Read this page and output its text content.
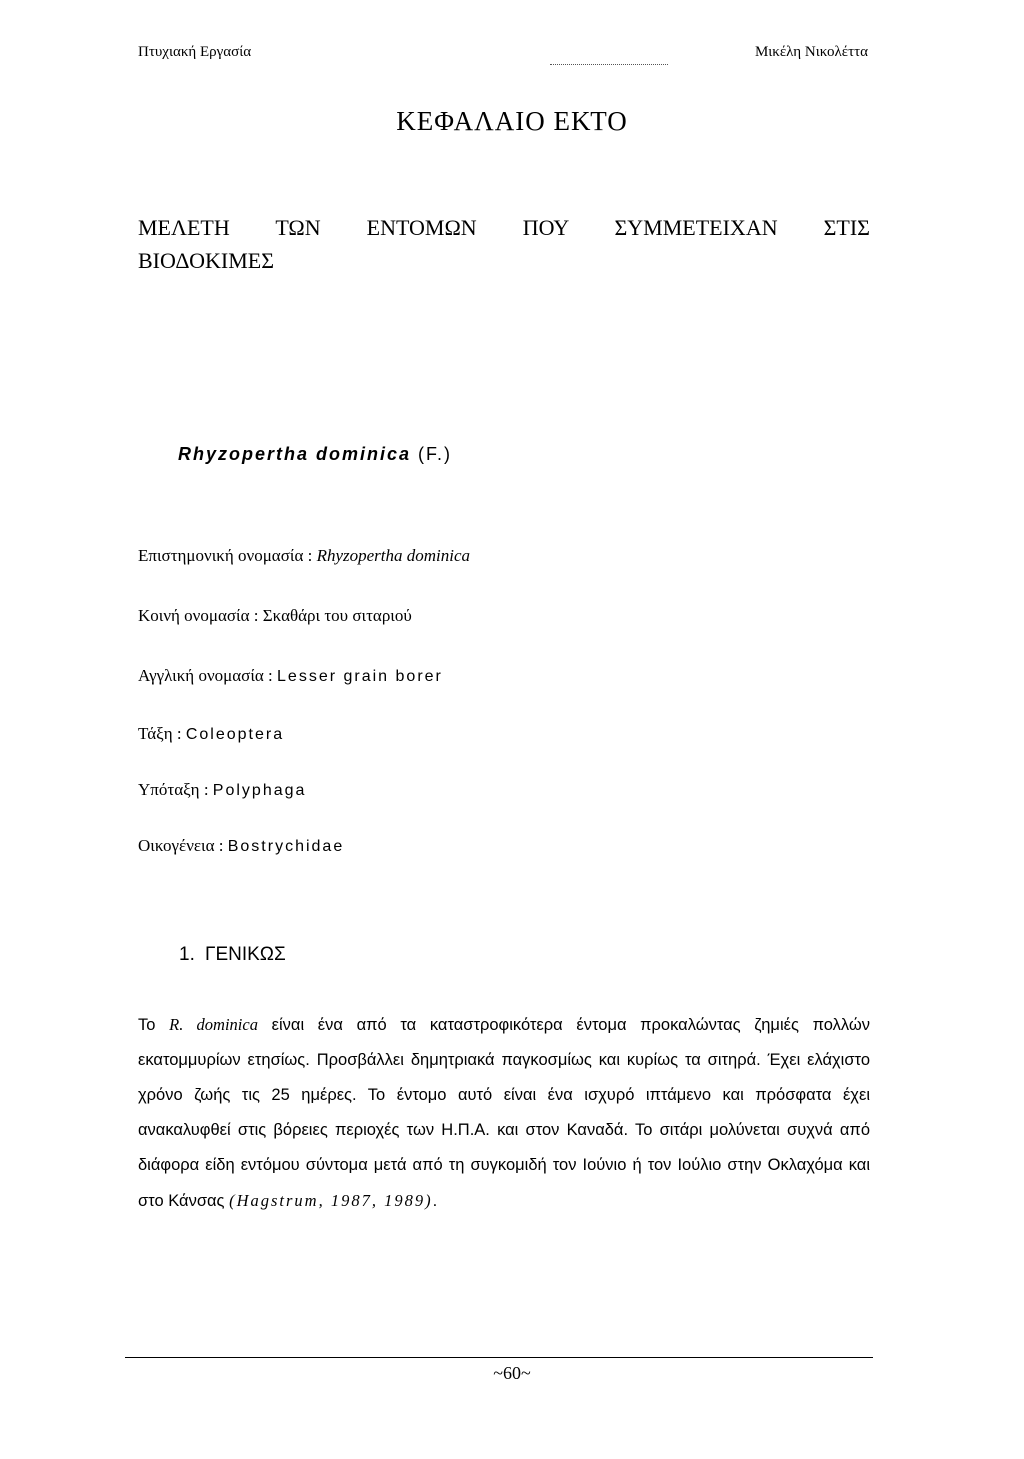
Πτυχιακή Εργασία	Μικέλη Νικολέττα
ΚΕΦΑΛΑΙΟ ΕΚΤΟ
ΜΕΛΕΤΗ ΤΩΝ ΕΝΤΟΜΩΝ ΠΟΥ ΣΥΜΜΕΤΕΙΧΑΝ ΣΤΙΣ
ΒΙΟΔΟΚΙΜΕΣ
Rhyzopertha dominica (F.)
Επιστημονική ονομασία : Rhyzopertha dominica
Κοινή ονομασία : Σκαθάρι του σιταριού
Αγγλική ονομασία : Lesser grain borer
Τάξη : Coleoptera
Υπόταξη : Polyphaga
Οικογένεια : Bostrychidae
1. ΓΕΝΙΚΩΣ
Το R. dominica είναι ένα από τα καταστροφικότερα έντομα προκαλώντας ζημιές πολλών εκατομμυρίων ετησίως. Προσβάλλει δημητριακά παγκοσμίως και κυρίως τα σιτηρά. Έχει ελάχιστο χρόνο ζωής τις 25 ημέρες. Το έντομο αυτό είναι ένα ισχυρό ιπτάμενο και πρόσφατα έχει ανακαλυφθεί στις βόρειες περιοχές των Η.Π.Α. και στον Καναδά. Το σιτάρι μολύνεται συχνά από διάφορα είδη εντόμου σύντομα μετά από τη συγκομιδή τον Ιούνιο ή τον Ιούλιο στην Οκλαχόμα και στο Κάνσας (Hagstrum, 1987, 1989).
~60~
